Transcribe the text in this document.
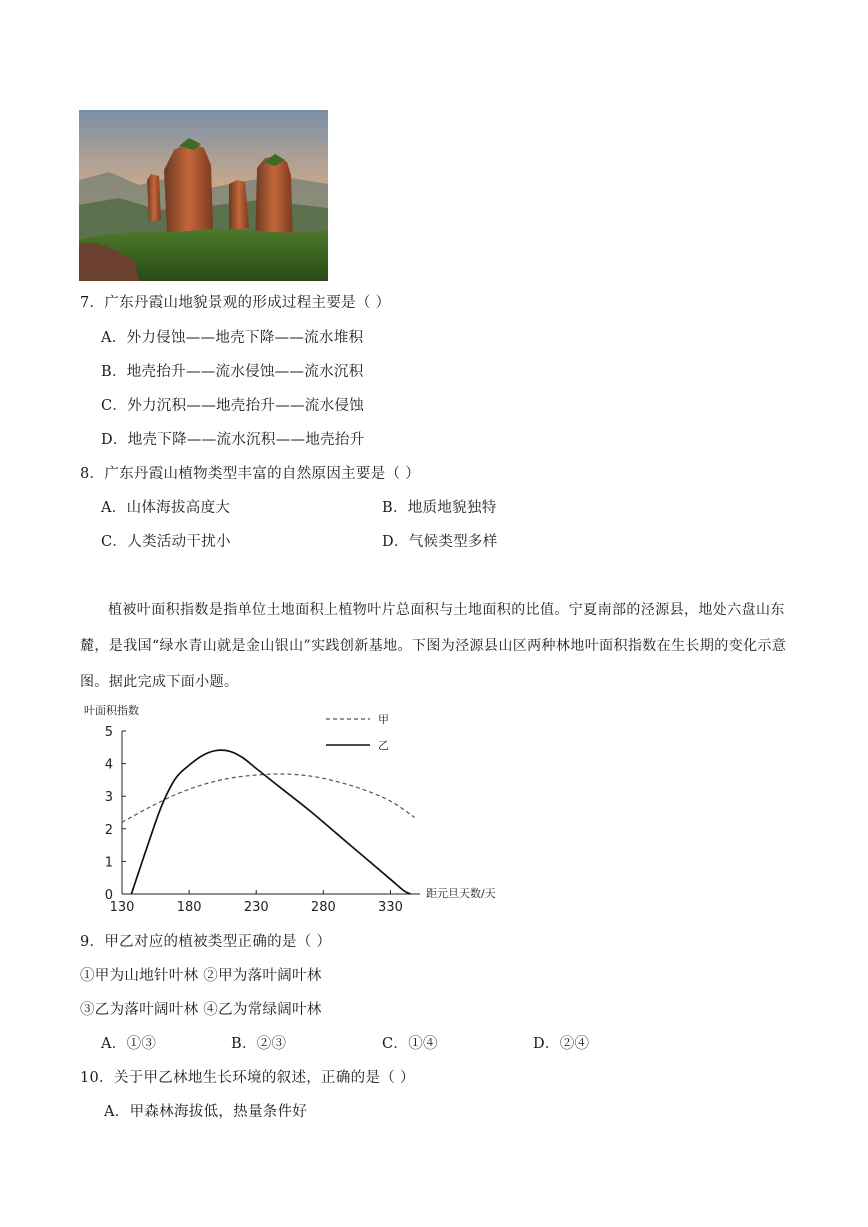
7．广东丹霞山地貌景观的形成过程主要是（ ）
A．外力侵蚀——地壳下降——流水堆积
B．地壳抬升——流水侵蚀——流水沉积
C．外力沉积——地壳抬升——流水侵蚀
D．地壳下降——流水沉积——地壳抬升
8．广东丹霞山植物类型丰富的自然原因主要是（ ）
A．山体海拔高度大	B．地质地貌独特
C．人类活动干扰小	D．气候类型多样
植被叶面积指数是指单位土地面积上植物叶片总面积与土地面积的比值。宁夏南部的泾源县，地处六盘山东麓，是我国“绿水青山就是金山银山”实践创新基地。下图为泾源县山区两种林地叶面积指数在生长期的变化示意图。据此完成下面小题。
叶面积指数
距元旦天数/天
0
1
2
3
4
5
130	180	230	280	330
甲
乙
9．甲乙对应的植被类型正确的是（ ）
①甲为山地针叶林 ②甲为落叶阔叶林
③乙为落叶阔叶林 ④乙为常绿阔叶林
A．①③	B．②③	C．①④	D．②④
10．关于甲乙林地生长环境的叙述，正确的是（ ）
A．甲森林海拔低，热量条件好
